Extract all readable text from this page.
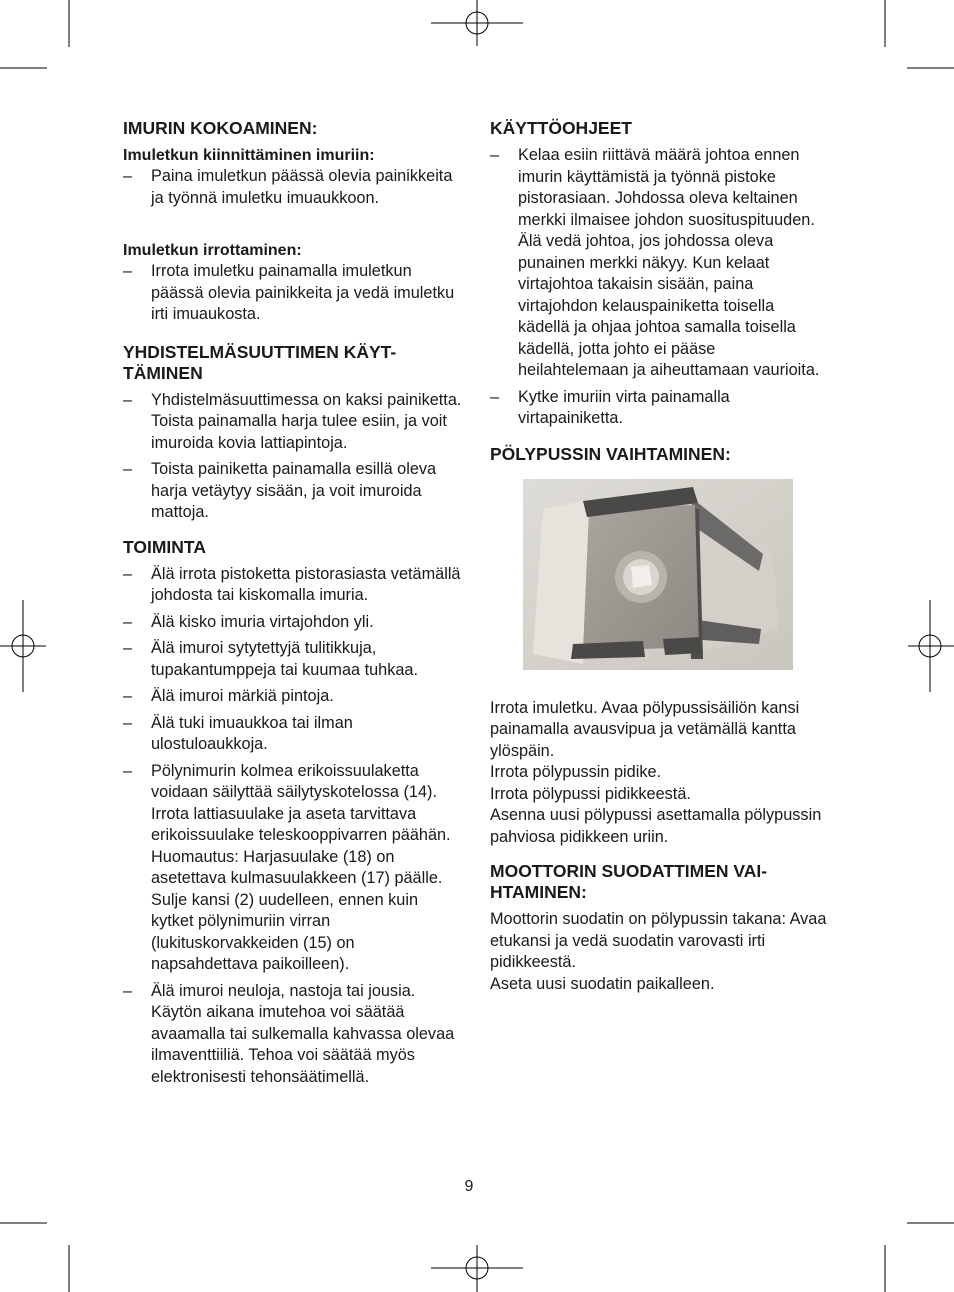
IMURIN KOKOAMINEN:
Imuletkun kiinnittäminen imuriin:
– Paina imuletkun päässä olevia painikkeita ja työnnä imuletku imuaukkoon.
Imuletkun irrottaminen:
– Irrota imuletku painamalla imuletkun päässä olevia painikkeita ja vedä imuletku irti imuaukosta.
YHDISTELMÄSUUTTIMEN KÄYT-TÄMINEN
– Yhdistelmäsuuttimessa on kaksi painiketta. Toista painamalla harja tulee esiin, ja voit imuroida kovia lattiapintoja.
– Toista painiketta painamalla esillä oleva harja vetäytyy sisään, ja voit imuroida mattoja.
TOIMINTA
– Älä irrota pistoketta pistorasiasta vetämällä johdosta tai kiskomalla imuria.
– Älä kisko imuria virtajohdon yli.
– Älä imuroi sytytettyjä tulitikkuja, tupakantumppeja tai kuumaa tuhkaa.
– Älä imuroi märkiä pintoja.
– Älä tuki imuaukkoa tai ilman ulostuloaukkoja.
– Pölynimurin kolmea erikoissuulaketta voidaan säilyttää säilytyskotelossa (14). Irrota lattiasuulake ja aseta tarvittava erikoissuulake teleskooppivarren päähän. Huomautus: Harjasuulake (18) on asetettava kulmasuulakkeen (17) päälle. Sulje kansi (2) uudelleen, ennen kuin kytket pölynimuriin virran (lukituskorvakkeiden (15) on napsahdettava paikoilleen).
– Älä imuroi neuloja, nastoja tai jousia. Käytön aikana imutehoa voi säätää avaamalla tai sulkemalla kahvassa olevaa ilmaventtiiliä. Tehoa voi säätää myös elektronisesti tehonsäätimellä.
KÄYTTÖOHJEET
– Kelaa esiin riittävä määrä johtoa ennen imurin käyttämistä ja työnnä pistoke pistorasiaan. Johdossa oleva keltainen merkki ilmaisee johdon suosituspituuden. Älä vedä johtoa, jos johdossa oleva punainen merkki näkyy. Kun kelaat virtajohtoa takaisin sisään, paina virtajohdon kelauspainiketta toisella kädellä ja ohjaa johtoa samalla toisella kädellä, jotta johto ei pääse heilahtelemaan ja aiheuttamaan vaurioita.
– Kytke imuriin virta painamalla virtapainiketta.
PÖLYPUSSIN VAIHTAMINEN:

Irrota imuletku. Avaa pölypussisäiliön kansi painamalla avausvipua ja vetämällä kantta ylöspäin.

Irrota pölypussin pidike.

Irrota pölypussi pidikkeestä.

Asenna uusi pölypussi asettamalla pölypussin pahviosa pidikkeen uriin.

MOOTTORIN SUODATTIMEN VAI-HTAMINEN:

Moottorin suodatin on pölypussin takana: Avaa etukansi ja vedä suodatin varovasti irti pidikkeestä.

Aseta uusi suodatin paikalleen.

9
